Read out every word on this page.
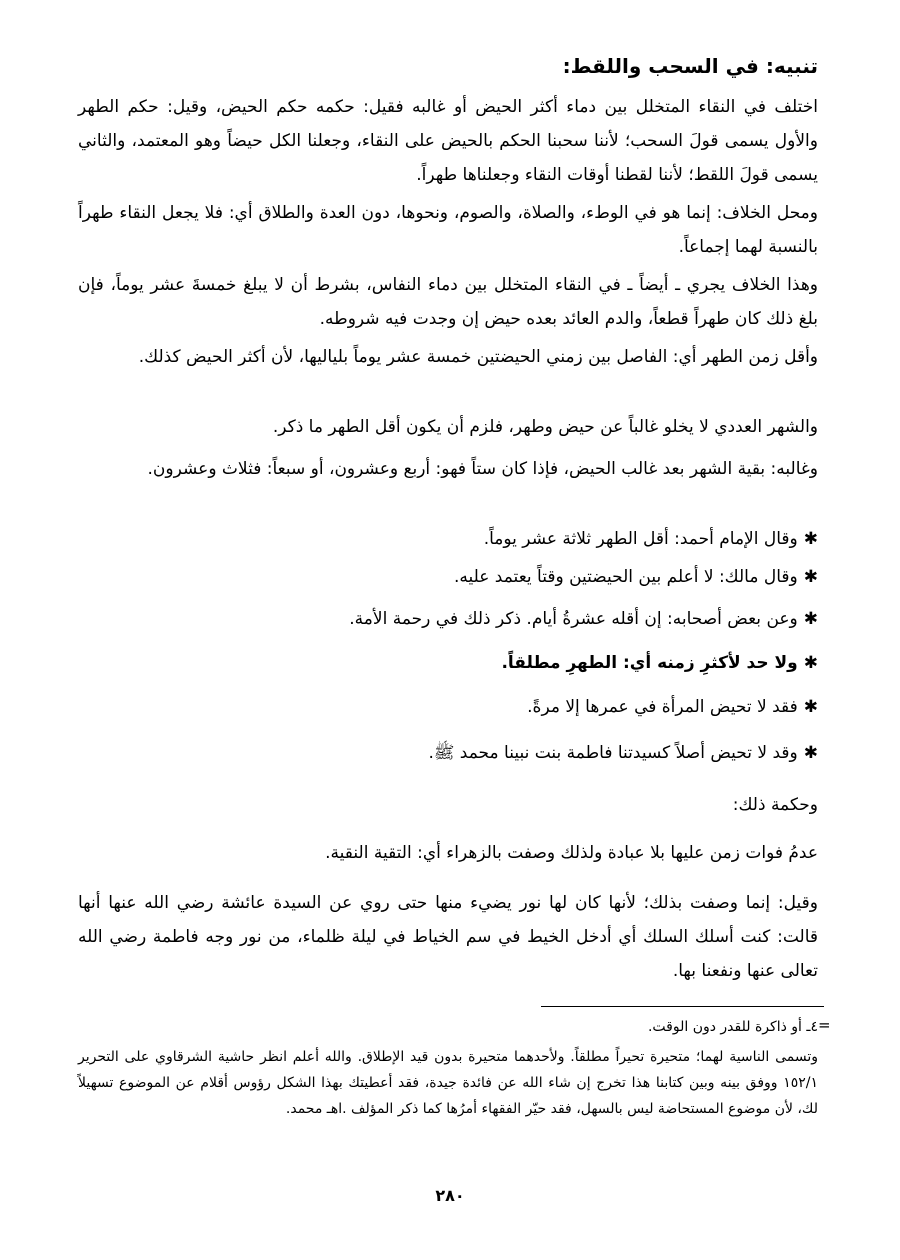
تنبيه: في السحب واللقط:

اختلف في النقاء المتخلل بين دماء أكثر الحيض أو غالبه فقيل: حكمه حكم الحيض، وقيل: حكم الطهر والأول يسمى قولَ السحب؛ لأننا سحبنا الحكم بالحيض على النقاء، وجعلنا الكل حيضاً وهو المعتمد، والثاني يسمى قولَ اللقط؛ لأننا لقطنا أوقات النقاء وجعلناها طهراً.

ومحل الخلاف: إنما هو في الوطء، والصلاة، والصوم، ونحوها، دون العدة والطلاق أي: فلا يجعل النقاء طهراً بالنسبة لهما إجماعاً.

وهذا الخلاف يجري ـ أيضاً ـ في النقاء المتخلل بين دماء النفاس، بشرط أن لا يبلغ خمسةَ عشر يوماً، فإن بلغ ذلك كان طهراً قطعاً، والدم العائد بعده حيض إن وجدت فيه شروطه.

وأقل زمن الطهر أي: الفاصل بين زمني الحيضتين خمسة عشر يوماً بلياليها، لأن أكثر الحيض كذلك.

والشهر العددي لا يخلو غالباً عن حيض وطهر، فلزم أن يكون أقل الطهر ما ذكر.

وغالبه: بقية الشهر بعد غالب الحيض، فإذا كان ستاً فهو: أربع وعشرون، أو سبعاً: فثلاث وعشرون.

✱وقال الإمام أحمد: أقل الطهر ثلاثة عشر يوماً.

✱وقال مالك: لا أعلم بين الحيضتين وقتاً يعتمد عليه.

✱وعن بعض أصحابه: إن أقله عشرةُ أيام. ذكر ذلك في رحمة الأمة.

✱ولا حد لأكثرِ زمنه أي: الطهرِ مطلقاً.

✱فقد لا تحيض المرأة في عمرها إلا مرةً.

✱وقد لا تحيض أصلاً كسيدتنا فاطمة بنت نبينا محمد ﷺ.

وحكمة ذلك:

عدمُ فوات زمن عليها بلا عبادة ولذلك وصفت بالزهراء أي: التقية النقية.

وقيل: إنما وصفت بذلك؛ لأنها كان لها نور يضيء منها حتى روي عن السيدة عائشة رضي الله عنها أنها قالت: كنت أسلك السلك أي أدخل الخيط في سم الخياط في ليلة ظلماء، من نور وجه فاطمة رضي الله تعالى عنها ونفعنا بها.

=

٤ـ أو ذاكرة للقدر دون الوقت.

وتسمى الناسية لهما؛ متحيرة تحيراً مطلقاً. ولأحدهما متحيرة بدون قيد الإطلاق. والله أعلم انظر حاشية الشرقاوي على التحرير ١٥٢/١ ووفق بينه وبين كتابنا هذا تخرج إن شاء الله عن فائدة جيدة، فقد أعطيتك بهذا الشكل رؤوس أقلام عن الموضوع تسهيلاً لك، لأن موضوع المستحاضة ليس بالسهل، فقد حيّر الفقهاء أمرُها كما ذكر المؤلف .اهـ محمد.

٢٨٠
